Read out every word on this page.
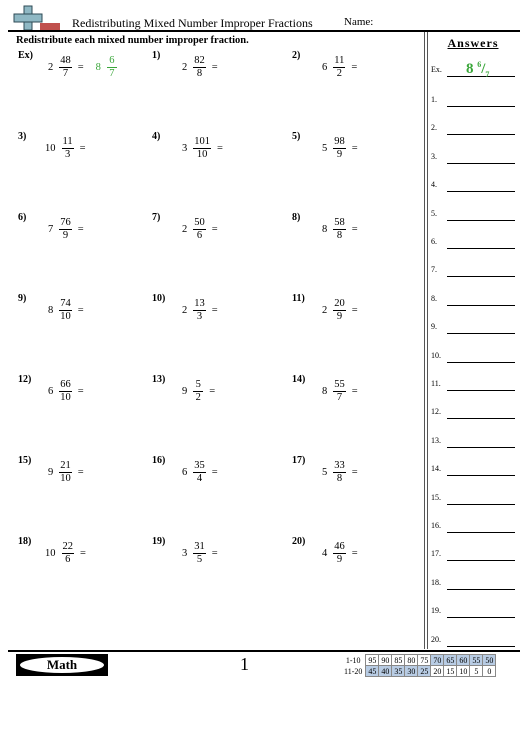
Redistributing Mixed Number Improper Fractions	Name:
Redistribute each mixed number improper fraction.
Ex)
$2 \frac{48}{7} = 8 \frac{6}{7}$	1)
$2 \frac{82}{8}$ =
2)
$6 \frac{11}{2}$ =
3)
$10 \frac{11}{3}$ =
4)
$3 \frac{101}{10}$ =
5)
$5 \frac{98}{9}$ =
6)
$7 \frac{76}{9}$ =
7)
$2 \frac{50}{6}$ =
8)
$8 \frac{58}{8}$ =
9)
$8 \frac{74}{10}$ =
10)
$2 \frac{13}{3}$ =
11)
$2 \frac{20}{9}$ =
12)
$6 \frac{66}{10}$ =
13)
$9 \frac{5}{2}$ =
14)
$8 \frac{55}{7}$ =
15)
$9 \frac{21}{10}$ =
16)
$6 \frac{35}{4}$ =
17)
$5 \frac{33}{8}$ =
18)
$10 \frac{22}{6}$ =
19)
$3 \frac{31}{5}$ =
20)
$4 \frac{46}{9}$ =
Answers
Ex. 8 $^6/_7$
1.
2.
3.
4.
5.
6.
7.
8.
9.
10.
11.
12.
13.
14.
15.
16.
17.
18.
19.
20.
Math	1	1-10	95	90	85	80	75	70	65	60	55	50
11-20	45	40	35	30	25	20	15	10	5	0
